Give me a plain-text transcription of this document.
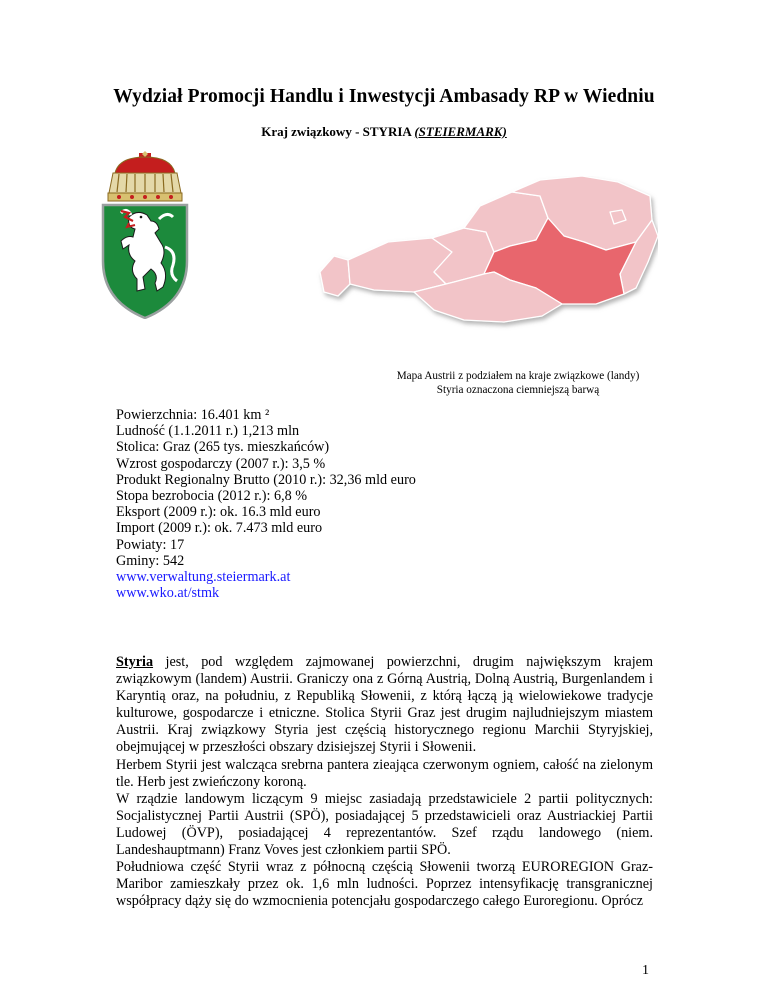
Wydział Promocji Handlu i Inwestycji Ambasady RP w Wiedniu
Kraj związkowy - STYRIA (STEIERMARK)
Mapa Austrii z podziałem na kraje związkowe (landy)
Styria oznaczona ciemniejszą barwą
Powierzchnia: 16.401 km ²
Ludność (1.1.2011 r.) 1,213 mln
Stolica: Graz (265 tys. mieszkańców)
Wzrost gospodarczy (2007 r.): 3,5 %
Produkt Regionalny Brutto (2010 r.): 32,36 mld euro
Stopa bezrobocia (2012 r.): 6,8 %
Eksport (2009 r.): ok. 16.3 mld euro
Import (2009 r.): ok. 7.473 mld euro
Powiaty: 17
Gminy: 542
www.verwaltung.steiermark.at
www.wko.at/stmk

Styria jest, pod względem zajmowanej powierzchni, drugim największym krajem związkowym (landem) Austrii. Graniczy ona z Górną Austrią, Dolną Austrią, Burgenlandem i Karyntią oraz, na południu, z Republiką Słowenii, z którą łączą ją wielowiekowe tradycje kulturowe, gospodarcze i etniczne. Stolica Styrii Graz jest drugim najludniejszym miastem Austrii. Kraj związkowy Styria jest częścią historycznego regionu Marchii Styryjskiej, obejmującej w przeszłości obszary dzisiejszej Styrii i Słowenii.

Herbem Styrii jest walcząca srebrna pantera zieająca czerwonym ogniem, całość na zielonym tle. Herb jest zwieńczony koroną.

W rządzie landowym liczącym 9 miejsc zasiadają przedstawiciele 2 partii politycznych: Socjalistycznej Partii Austrii (SPÖ), posiadającej 5 przedstawicieli oraz Austriackiej Partii Ludowej (ÖVP), posiadającej 4 reprezentantów. Szef rządu landowego (niem. Landeshauptmann) Franz Voves jest członkiem partii SPÖ.

Południowa część Styrii wraz z północną częścią Słowenii tworzą EUROREGION Graz-Maribor zamieszkały przez ok. 1,6 mln ludności. Poprzez intensyfikację transgranicznej współpracy dąży się do wzmocnienia potencjału gospodarczego całego Euroregionu. Oprócz

1
